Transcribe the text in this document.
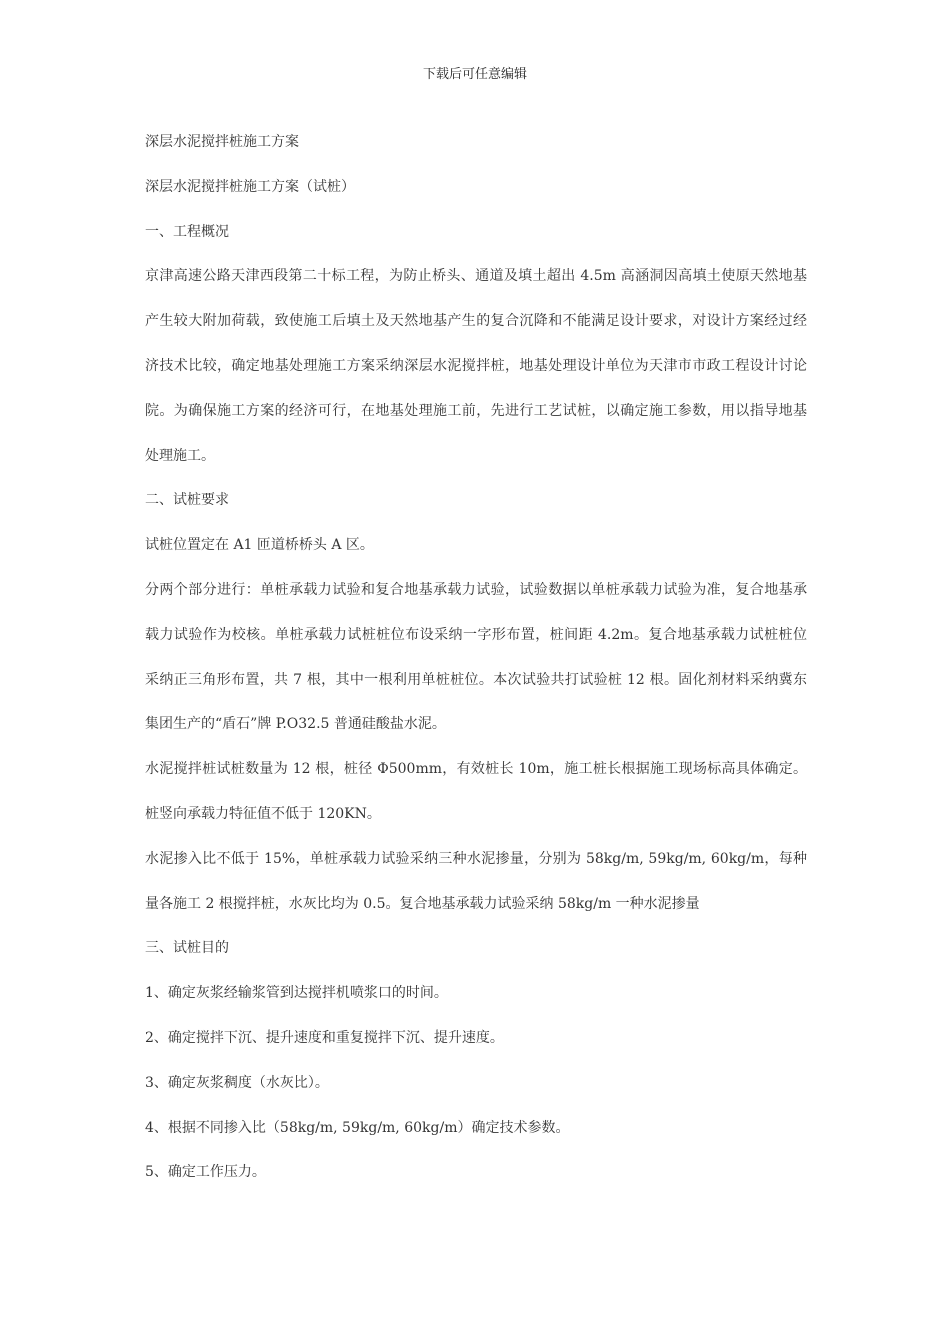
下载后可任意编辑
深层水泥搅拌桩施工方案
深层水泥搅拌桩施工方案（试桩）
一、工程概况
京津高速公路天津西段第二十标工程，为防止桥头、通道及填土超出 4.5m 高涵洞因高填土使原天然地基
产生较大附加荷载，致使施工后填土及天然地基产生的复合沉降和不能满足设计要求，对设计方案经过经
济技术比较，确定地基处理施工方案采纳深层水泥搅拌桩，地基处理设计单位为天津市市政工程设计讨论
院。为确保施工方案的经济可行，在地基处理施工前，先进行工艺试桩，以确定施工参数，用以指导地基
处理施工。
二、试桩要求
试桩位置定在 A1 匝道桥桥头 A 区。
分两个部分进行：单桩承载力试验和复合地基承载力试验，试验数据以单桩承载力试验为准，复合地基承
载力试验作为校核。单桩承载力试桩桩位布设采纳一字形布置，桩间距 4.2m。复合地基承载力试桩桩位
采纳正三角形布置，共 7 根，其中一根利用单桩桩位。本次试验共打试验桩 12 根。固化剂材料采纳冀东
集团生产的“盾石”牌 P.O32.5 普通硅酸盐水泥。
水泥搅拌桩试桩数量为 12 根，桩径 Φ500mm，有效桩长 10m，施工桩长根据施工现场标高具体确定。
桩竖向承载力特征值不低于 120KN。
水泥掺入比不低于 15%，单桩承载力试验采纳三种水泥掺量，分别为 58kg/m, 59kg/m, 60kg/m，每种
量各施工 2 根搅拌桩，水灰比均为 0.5。复合地基承载力试验采纳 58kg/m 一种水泥掺量
三、试桩目的
1、确定灰浆经输浆管到达搅拌机喷浆口的时间。
2、确定搅拌下沉、提升速度和重复搅拌下沉、提升速度。
3、确定灰浆稠度（水灰比）。
4、根据不同掺入比（58kg/m, 59kg/m, 60kg/m）确定技术参数。
5、确定工作压力。
